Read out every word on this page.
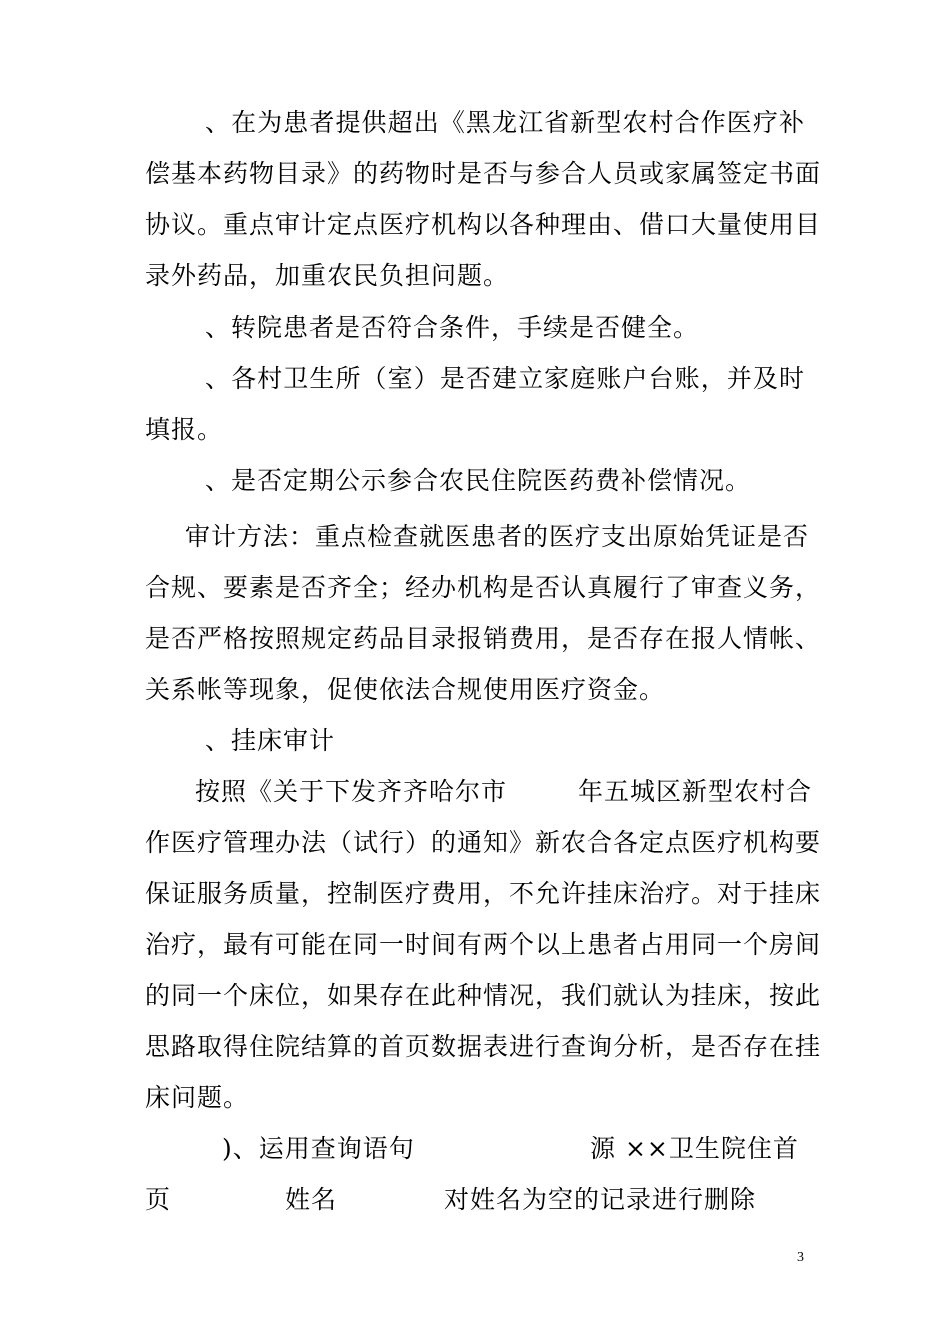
、在为患者提供超出《黑龙江省新型农村合作医疗补
偿基本药物目录》的药物时是否与参合人员或家属签定书面
协议。重点审计定点医疗机构以各种理由、借口大量使用目
录外药品，加重农民负担问题。
、转院患者是否符合条件，手续是否健全。
、各村卫生所（室）是否建立家庭账户台账，并及时
填报。
、是否定期公示参合农民住院医药费补偿情况。
审计方法：重点检查就医患者的医疗支出原始凭证是否
合规、要素是否齐全；经办机构是否认真履行了审查义务，
是否严格按照规定药品目录报销费用，是否存在报人情帐、
关系帐等现象，促使依法合规使用医疗资金。
、挂床审计
按照《关于下发齐齐哈尔市	年五城区新型农村合
作医疗管理办法（试行）的通知》新农合各定点医疗机构要
保证服务质量，控制医疗费用，不允许挂床治疗。对于挂床
治疗，最有可能在同一时间有两个以上患者占用同一个房间
的同一个床位，如果存在此种情况，我们就认为挂床，按此
思路取得住院结算的首页数据表进行查询分析，是否存在挂
床问题。
)、运用查询语句	源 ××卫生院住首
页	姓名	对姓名为空的记录进行删除
3
